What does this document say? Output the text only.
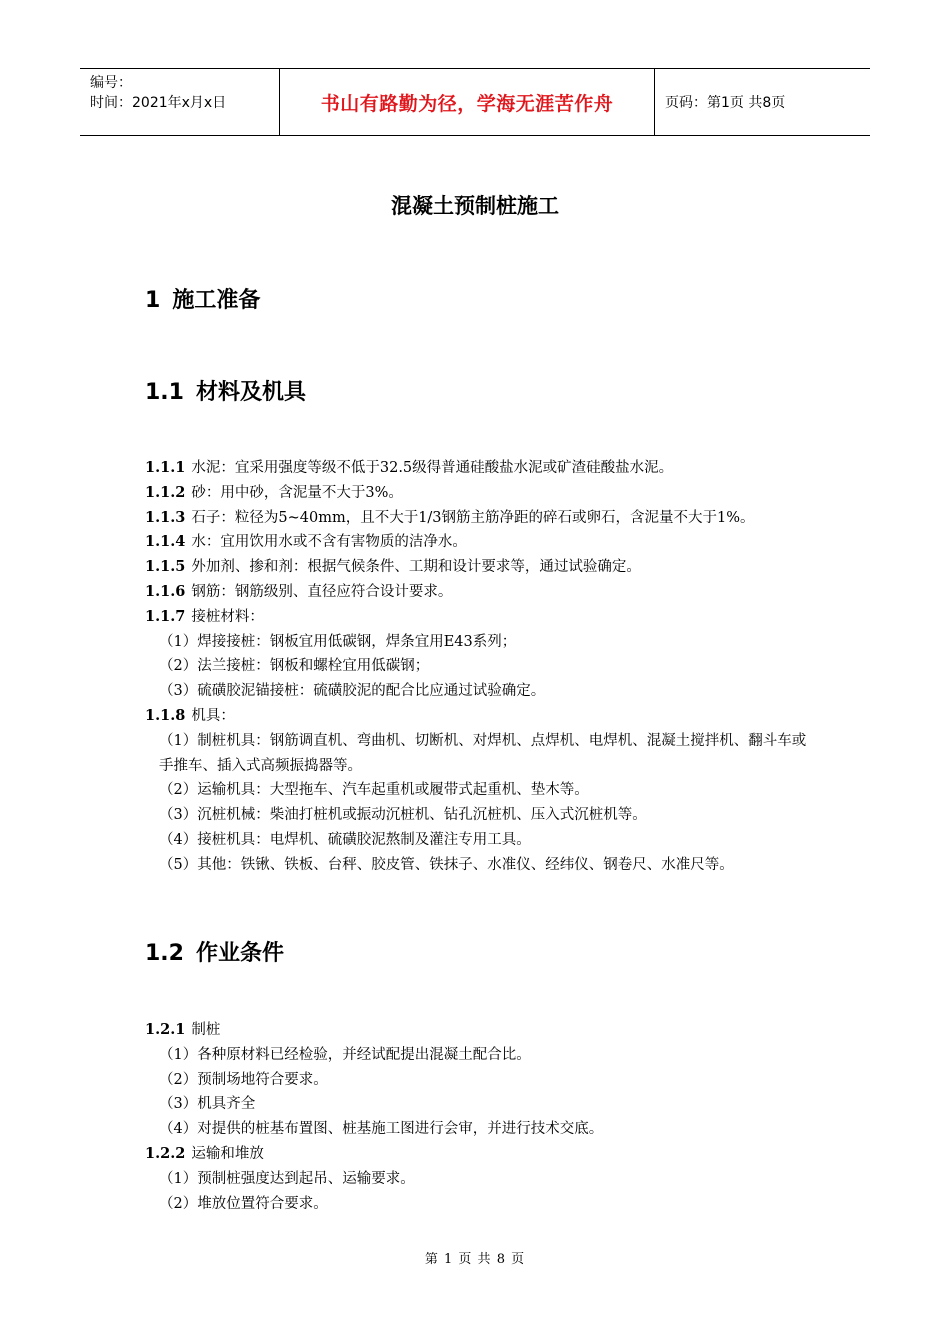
编号：
时间：2021年x月x日	书山有路勤为径，学海无涯苦作舟	页码：第1页 共8页
混凝土预制桩施工
1 施工准备
1.1 材料及机具

1.1.1 水泥：宜采用强度等级不低于32.5级得普通硅酸盐水泥或矿渣硅酸盐水泥。

1.1.2 砂：用中砂，含泥量不大于3%。

1.1.3 石子：粒径为5~40mm，且不大于1/3钢筋主筋净距的碎石或卵石，含泥量不大于1%。

1.1.4 水：宜用饮用水或不含有害物质的洁净水。

1.1.5 外加剂、掺和剂：根据气候条件、工期和设计要求等，通过试验确定。

1.1.6 钢筋：钢筋级别、直径应符合设计要求。

1.1.7 接桩材料：

（1）焊接接桩：钢板宜用低碳钢，焊条宜用E43系列；

（2）法兰接桩：钢板和螺栓宜用低碳钢；

（3）硫磺胶泥锚接桩：硫磺胶泥的配合比应通过试验确定。

1.1.8 机具：

（1）制桩机具：钢筋调直机、弯曲机、切断机、对焊机、点焊机、电焊机、混凝土搅拌机、翻斗车或手推车、插入式高频振捣器等。

（2）运输机具：大型拖车、汽车起重机或履带式起重机、垫木等。

（3）沉桩机械：柴油打桩机或振动沉桩机、钻孔沉桩机、压入式沉桩机等。

（4）接桩机具：电焊机、硫磺胶泥熬制及灌注专用工具。

（5）其他：铁锹、铁板、台秤、胶皮管、铁抹子、水准仪、经纬仪、钢卷尺、水准尺等。

1.2 作业条件

1.2.1 制桩

（1）各种原材料已经检验，并经试配提出混凝土配合比。

（2）预制场地符合要求。

（3）机具齐全

（4）对提供的桩基布置图、桩基施工图进行会审，并进行技术交底。

1.2.2 运输和堆放

（1）预制桩强度达到起吊、运输要求。

（2）堆放位置符合要求。

第 1 页 共 8 页
